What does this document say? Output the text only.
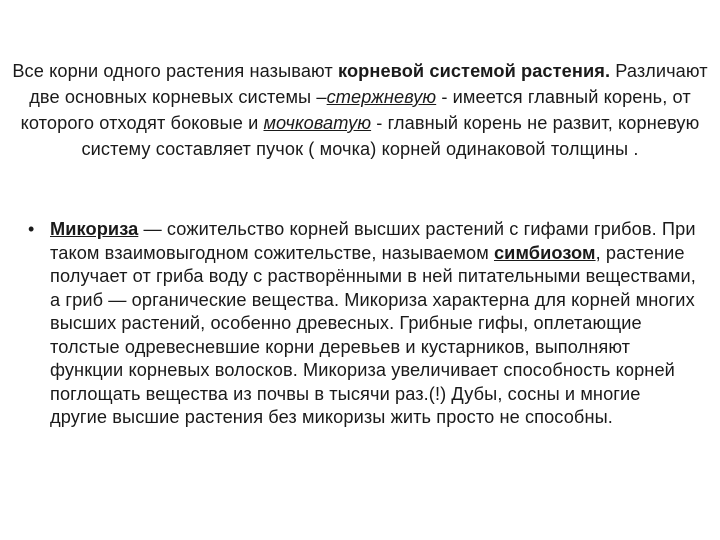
Все корни одного растения называют корневой системой растения. Различают две основных корневых системы –стержневую - имеется главный корень, от которого отходят боковые и мочковатую - главный корень не развит, корневую систему составляет пучок ( мочка) корней одинаковой толщины .

• Микориза — сожительство корней высших растений с гифами грибов. При таком взаимовыгодном сожительстве, называемом симбиозом, растение получает от гриба воду с растворёнными в ней питательными веществами, а гриб — органические вещества. Микориза характерна для корней многих высших растений, особенно древесных. Грибные гифы, оплетающие толстые одревесневшие корни деревьев и кустарников, выполняют функции корневых волосков. Микориза увеличивает способность корней поглощать вещества из почвы в тысячи раз.(!) Дубы, сосны и многие другие высшие растения без микоризы жить просто не способны.
